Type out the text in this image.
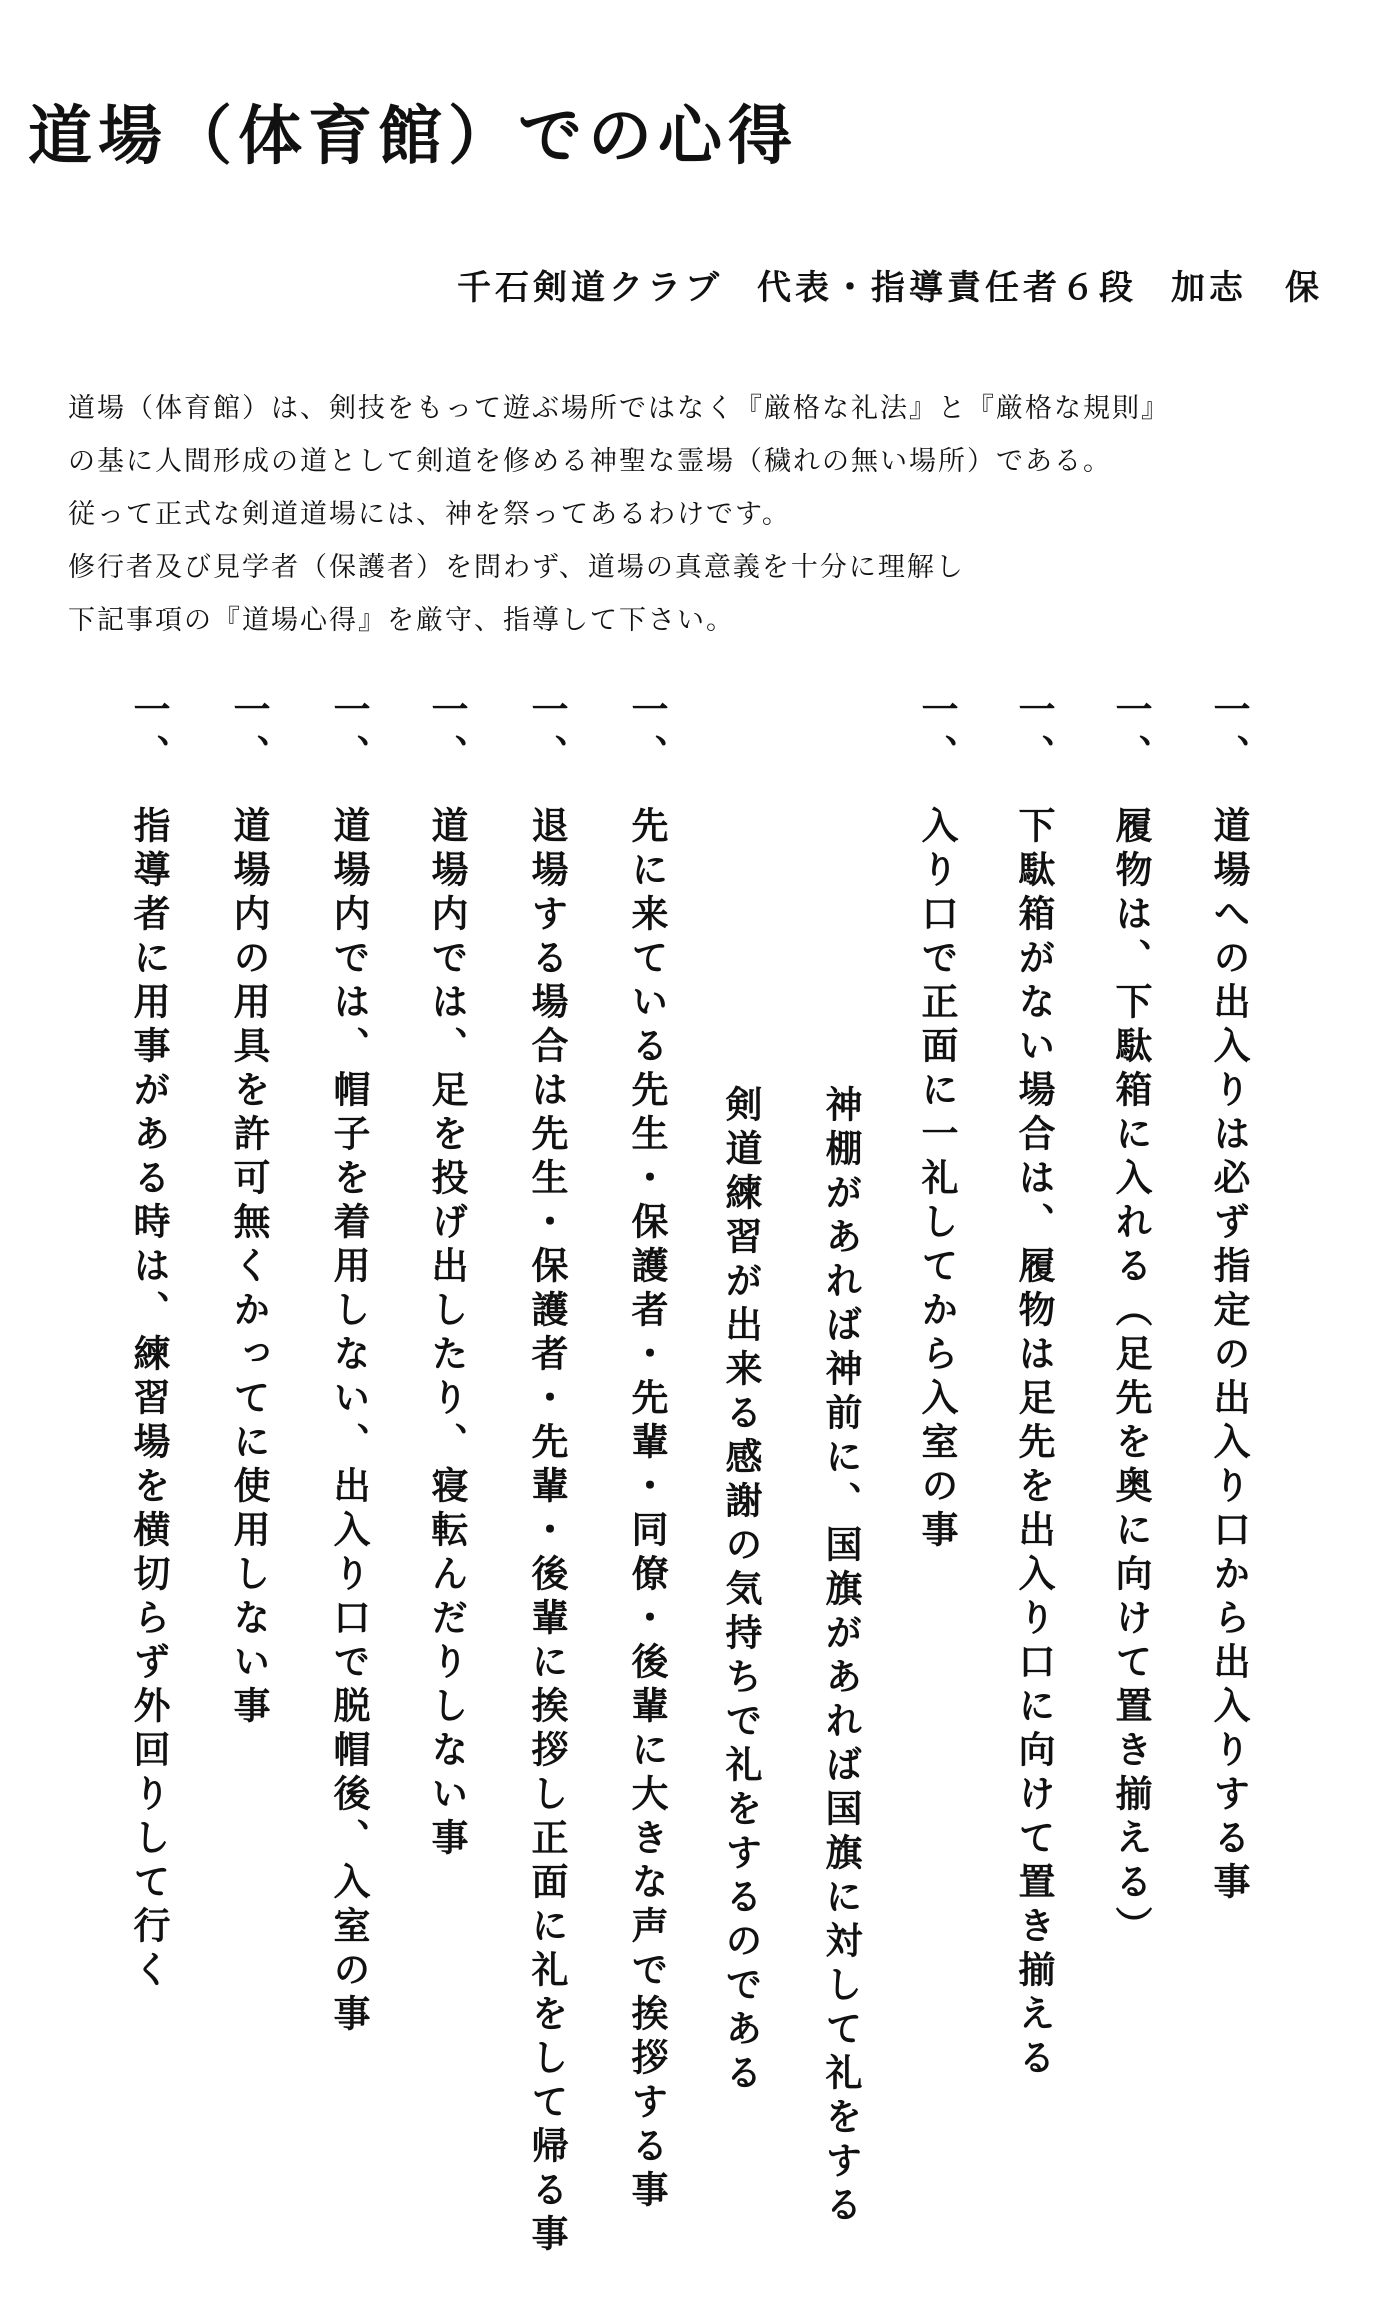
道場（体育館）での心得
千石剣道クラブ 代表・指導責任者６段 加志　保

道場（体育館）は、剣技をもって遊ぶ場所ではなく『厳格な礼法』と『厳格な規則』

の基に人間形成の道として剣道を修める神聖な霊場（穢れの無い場所）である。

従って正式な剣道道場には、神を祭ってあるわけです。

修行者及び見学者（保護者）を問わず、道場の真意義を十分に理解し

下記事項の『道場心得』を厳守、指導して下さい。

一、道場への出入りは必ず指定の出入り口から出入りする事
一、履物は、下駄箱に入れる（足先を奥に向けて置き揃える）
一、下駄箱がない場合は、履物は足先を出入り口に向けて置き揃える
一、入り口で正面に一礼してから入室の事
神棚があれば神前に、国旗があれば国旗に対して礼をする
剣道練習が出来る感謝の気持ちで礼をするのである
一、先に来ている先生・保護者・先輩・同僚・後輩に大きな声で挨拶する事
一、退場する場合は先生・保護者・先輩・後輩に挨拶し正面に礼をして帰る事
一、道場内では、足を投げ出したり、寝転んだりしない事
一、道場内では、帽子を着用しない、出入り口で脱帽後、入室の事
一、道場内の用具を許可無くかってに使用しない事
一、指導者に用事がある時は、練習場を横切らず外回りして行く
